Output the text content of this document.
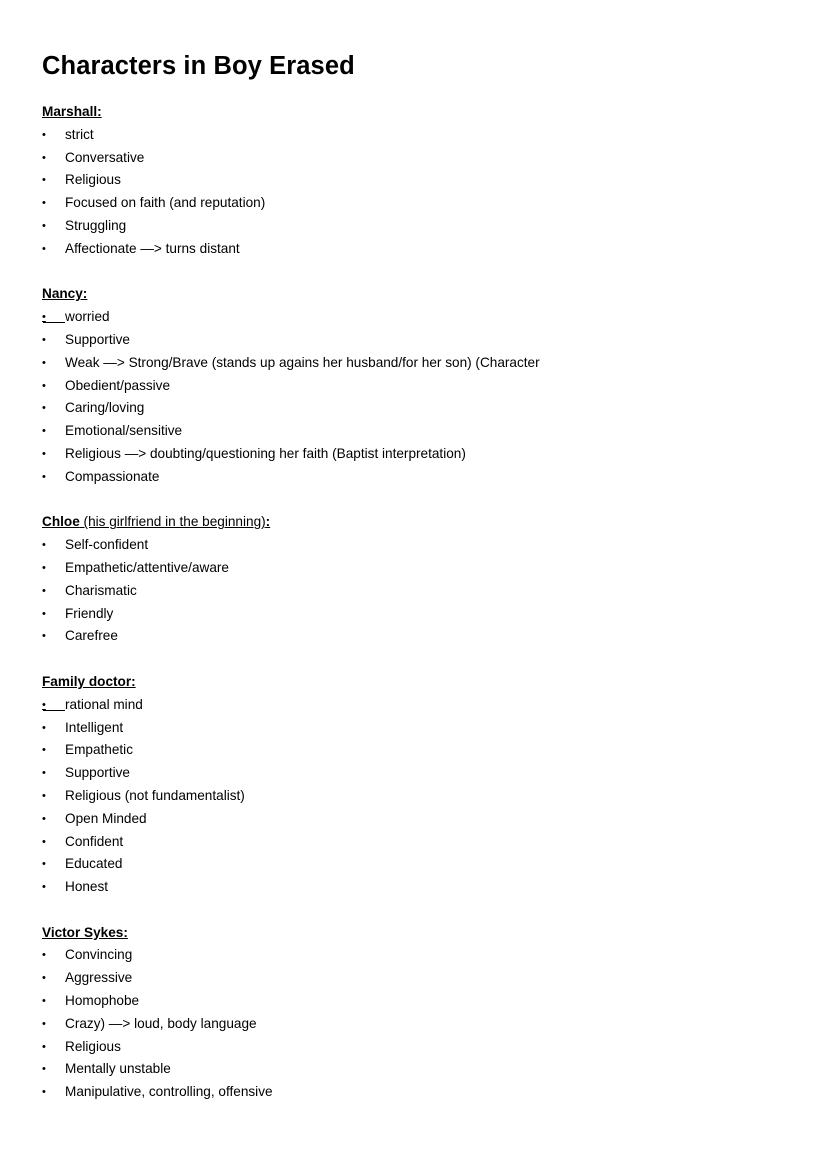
Characters in Boy Erased
Marshall:
•	strict
•	Conversative
•	Religious
•	Focused on faith (and reputation)
•	Struggling
•	Affectionate —> turns distant
Nancy:
•	worried
•	Supportive
•	Weak —> Strong/Brave (stands up agains her husband/for her son) (Character
•	Obedient/passive
•	Caring/loving
•	Emotional/sensitive
•	Religious —> doubting/questioning her faith (Baptist interpretation)
•	Compassionate
Chloe (his girlfriend in the beginning):
•	Self-confident
•	Empathetic/attentive/aware
•	Charismatic
•	Friendly
•	Carefree
Family doctor:
•	rational mind
•	Intelligent
•	Empathetic
•	Supportive
•	Religious (not fundamentalist)
•	Open Minded
•	Confident
•	Educated
•	Honest
Victor Sykes:
•	Convincing
•	Aggressive
•	Homophobe
•	Crazy) —> loud, body language
•	Religious
•	Mentally unstable
•	Manipulative, controlling, offensive
